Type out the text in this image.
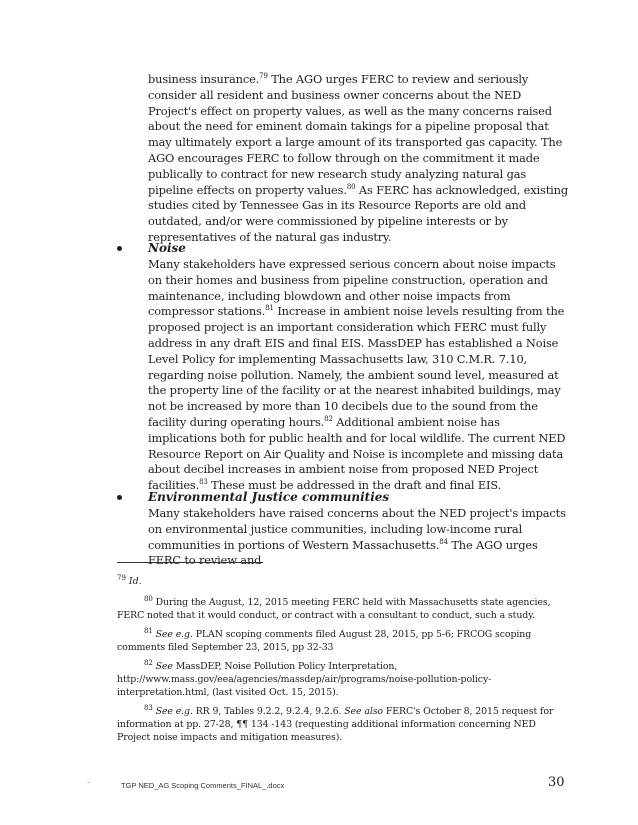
business insurance.$^{79}$ The AGO urges FERC to review and seriously consider all resident and business owner concerns about the NED Project's effect on property values, as well as the many concerns raised about the need for eminent domain takings for a pipeline proposal that may ultimately export a large amount of its transported gas capacity. The AGO encourages FERC to follow through on the commitment it made publically to contract for new research study analyzing natural gas pipeline effects on property values.$^{80}$ As FERC has acknowledged, existing studies cited by Tennessee Gas in its Resource Reports are old and outdated, and/or were commissioned by pipeline interests or by representatives of the natural gas industry.
Noise
Many stakeholders have expressed serious concern about noise impacts on their homes and business from pipeline construction, operation and maintenance, including blowdown and other noise impacts from compressor stations.$^{81}$ Increase in ambient noise levels resulting from the proposed project is an important consideration which FERC must fully address in any draft EIS and final EIS. MassDEP has established a Noise Level Policy for implementing Massachusetts law, 310 C.M.R. 7.10, regarding noise pollution. Namely, the ambient sound level, measured at the property line of the facility or at the nearest inhabited buildings, may not be increased by more than 10 decibels due to the sound from the facility during operating hours.$^{82}$ Additional ambient noise has implications both for public health and for local wildlife. The current NED Resource Report on Air Quality and Noise is incomplete and missing data about decibel increases in ambient noise from proposed NED Project facilities.$^{83}$ These must be addressed in the draft and final EIS.
Environmental Justice communities
Many stakeholders have raised concerns about the NED project's impacts on environmental justice communities, including low-income rural communities in portions of Western Massachusetts.$^{84}$ The AGO urges FERC to review and
$^{79}$ Id.

$^{80}$ During the August, 12, 2015 meeting FERC held with Massachusetts state agencies, FERC noted that it would conduct, or contract with a consultant to conduct, such a study.

$^{81}$ See e.g. PLAN scoping comments filed August 28, 2015, pp 5-6; FRCOG scoping comments filed September 23, 2015, pp 32-33

$^{82}$ See MassDEP, Noise Pollution Policy Interpretation, http://www.mass.gov/eea/agencies/massdep/air/programs/noise-pollution-policy-interpretation.html, (last visited Oct. 15, 2015).

$^{83}$ See e.g. RR 9, Tables 9.2.2, 9.2.4, 9.2.6. See also FERC's October 8, 2015 request for information at pp. 27-28, ¶¶ 134 -143 (requesting additional information concerning NED Project noise impacts and mitigation measures).

-	TGP NED_AG Scoping Comments_FINAL_.docx	30
